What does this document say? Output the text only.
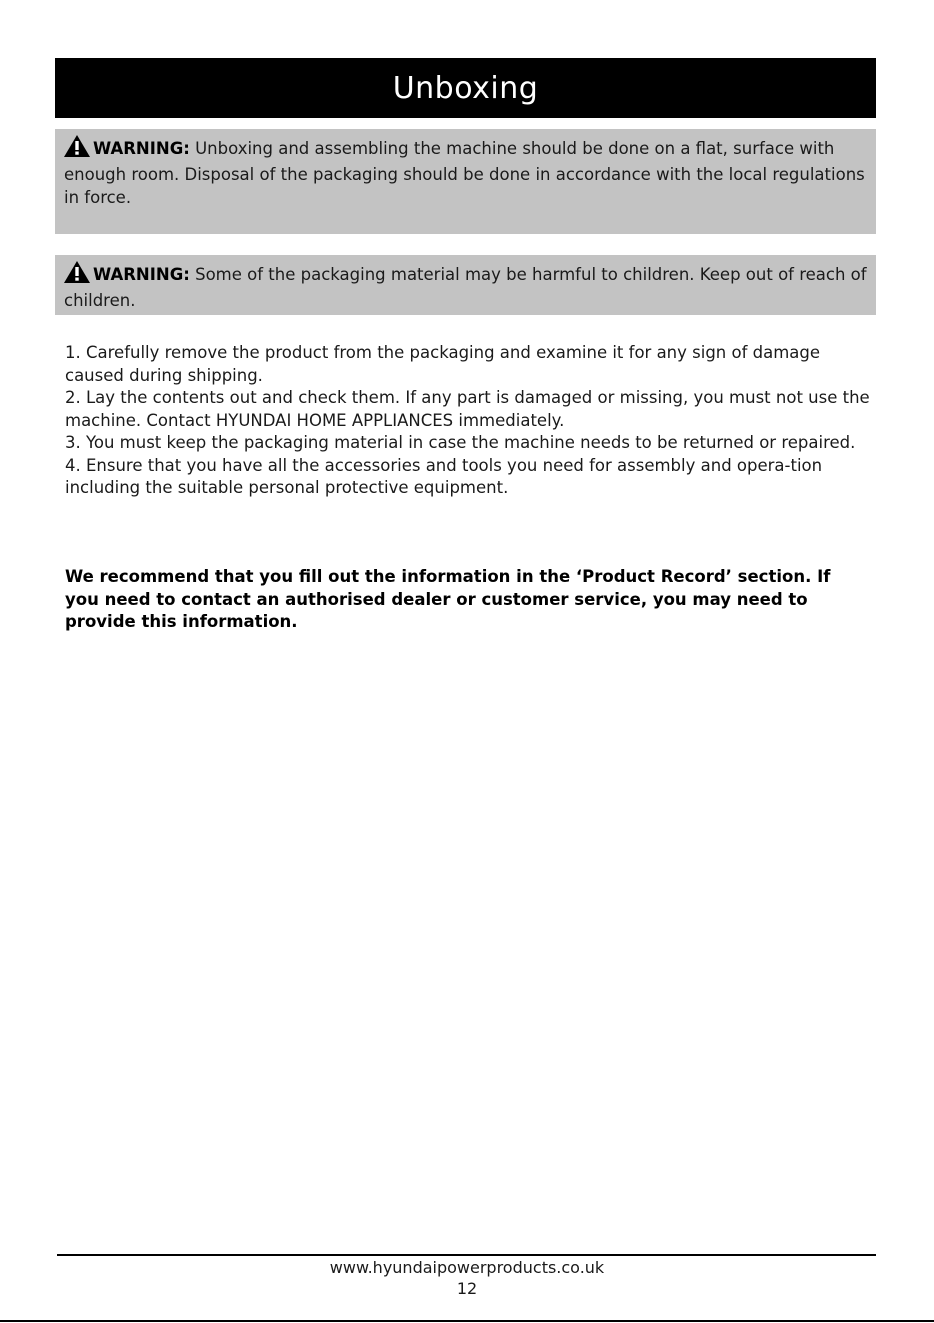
Unboxing
WARNING: Unboxing and assembling the machine should be done on a flat, surface with enough room. Disposal of the packaging should be done in accordance with the local regulations in force.
WARNING: Some of the packaging material may be harmful to children. Keep out of reach of children.

1. Carefully remove the product from the packaging and examine it for any sign of damage caused during shipping.

2. Lay the contents out and check them. If any part is damaged or missing, you must not use the machine. Contact HYUNDAI HOME APPLIANCES immediately.

3. You must keep the packaging material in case the machine needs to be returned or repaired.

4. Ensure that you have all the accessories and tools you need for assembly and opera-tion including the suitable personal protective equipment.

We recommend that you fill out the information in the ‘Product Record’ section. If you need to contact an authorised dealer or customer service, you may need to provide this information.
www.hyundaipowerproducts.co.uk
12
